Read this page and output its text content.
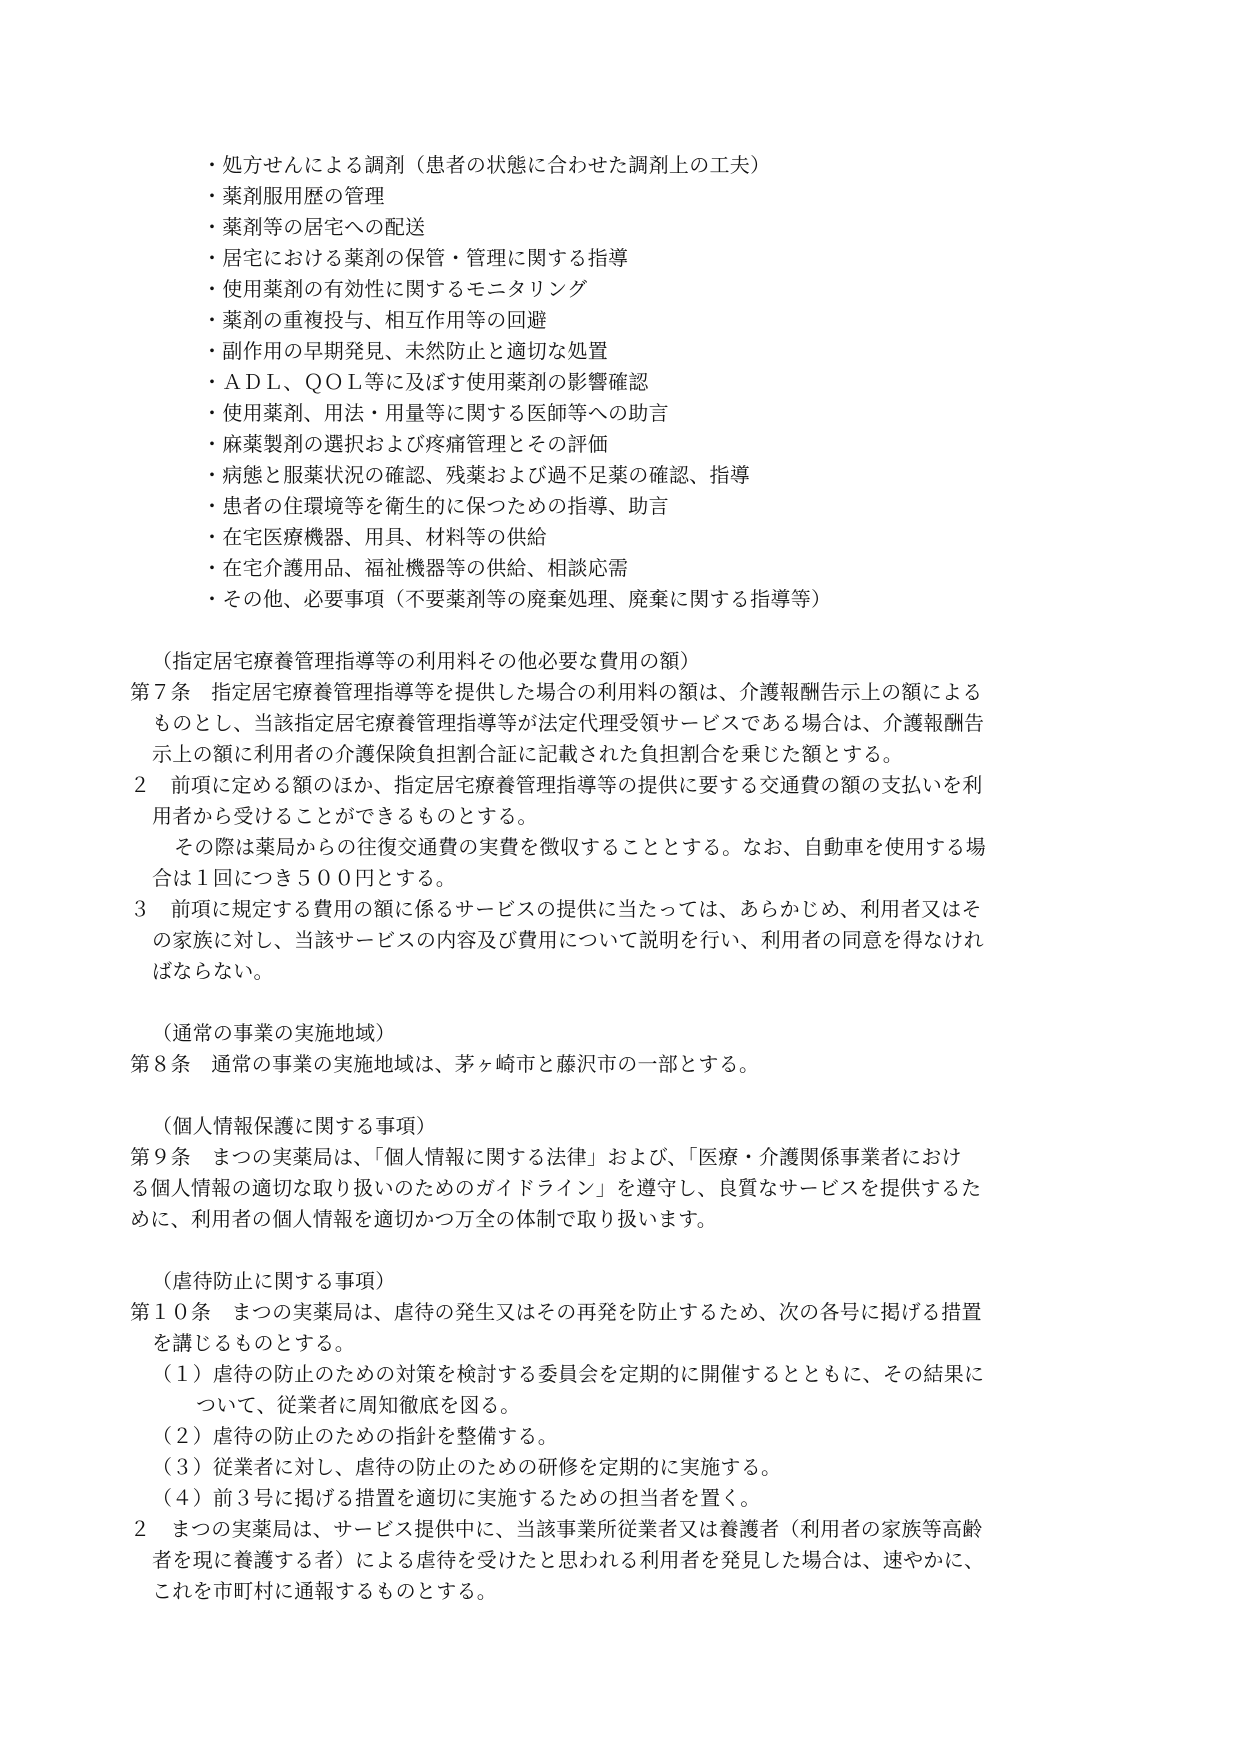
・処方せんによる調剤（患者の状態に合わせた調剤上の工夫）
・薬剤服用歴の管理
・薬剤等の居宅への配送
・居宅における薬剤の保管・管理に関する指導
・使用薬剤の有効性に関するモニタリング
・薬剤の重複投与、相互作用等の回避
・副作用の早期発見、未然防止と適切な処置
・ＡＤＬ、ＱＯＬ等に及ぼす使用薬剤の影響確認
・使用薬剤、用法・用量等に関する医師等への助言
・麻薬製剤の選択および疼痛管理とその評価
・病態と服薬状況の確認、残薬および過不足薬の確認、指導
・患者の住環境等を衛生的に保つための指導、助言
・在宅医療機器、用具、材料等の供給
・在宅介護用品、福祉機器等の供給、相談応需
・その他、必要事項（不要薬剤等の廃棄処理、廃棄に関する指導等）
（指定居宅療養管理指導等の利用料その他必要な費用の額）
第７条　指定居宅療養管理指導等を提供した場合の利用料の額は、介護報酬告示上の額による
ものとし、当該指定居宅療養管理指導等が法定代理受領サービスである場合は、介護報酬告
示上の額に利用者の介護保険負担割合証に記載された負担割合を乗じた額とする。
２　前項に定める額のほか、指定居宅療養管理指導等の提供に要する交通費の額の支払いを利
用者から受けることができるものとする。
その際は薬局からの往復交通費の実費を徴収することとする。なお、自動車を使用する場
合は１回につき５００円とする。
３　前項に規定する費用の額に係るサービスの提供に当たっては、あらかじめ、利用者又はそ
の家族に対し、当該サービスの内容及び費用について説明を行い、利用者の同意を得なけれ
ばならない。
（通常の事業の実施地域）
第８条　通常の事業の実施地域は、茅ヶ崎市と藤沢市の一部とする。
（個人情報保護に関する事項）
第９条　まつの実薬局は、「個人情報に関する法律」および、「医療・介護関係事業者におけ
る個人情報の適切な取り扱いのためのガイドライン」を遵守し、良質なサービスを提供するた
めに、利用者の個人情報を適切かつ万全の体制で取り扱います。
（虐待防止に関する事項）
第１０条　まつの実薬局は、虐待の発生又はその再発を防止するため、次の各号に掲げる措置
を講じるものとする。
（１）虐待の防止のための対策を検討する委員会を定期的に開催するとともに、その結果に
ついて、従業者に周知徹底を図る。
（２）虐待の防止のための指針を整備する。
（３）従業者に対し、虐待の防止のための研修を定期的に実施する。
（４）前３号に掲げる措置を適切に実施するための担当者を置く。
２　まつの実薬局は、サービス提供中に、当該事業所従業者又は養護者（利用者の家族等高齢
者を現に養護する者）による虐待を受けたと思われる利用者を発見した場合は、速やかに、
これを市町村に通報するものとする。
